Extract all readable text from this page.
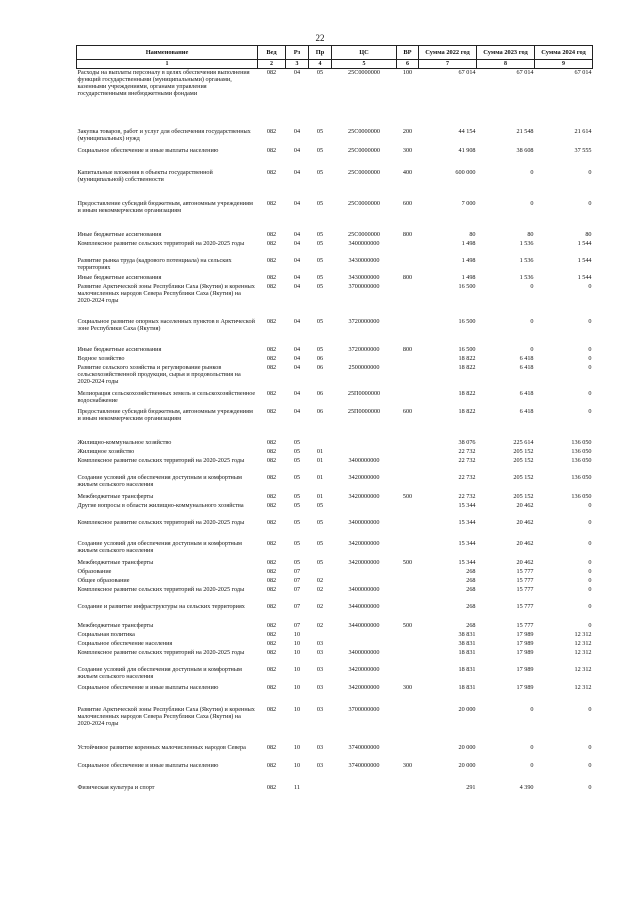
22
Наименование	Вед	Рз	Пр	ЦС	ВР	Сумма 2022 год	Сумма 2023 год	Сумма 2024 год
1	2	3	4	5	6	7	8	9
Расходы на выплаты персоналу в целях обеспечения выполнения функций государственными (муниципальными) органами, казенными учреждениями, органами управления государственными внебюджетными фондами	082	04	05	25С0000000	100	67 014	67 014	67 014
Закупка товаров, работ и услуг для обеспечения государственных (муниципальных) нужд	082	04	05	25С0000000	200	44 154	21 548	21 614
Социальное обеспечение и иные выплаты населению	082	04	05	25С0000000	300	41 908	38 608	37 555
Капитальные вложения в объекты государственной (муниципальной) собственности	082	04	05	25С0000000	400	600 000	0	0
Предоставление субсидий бюджетным, автономным учреждениям и иным некоммерческим организациям	082	04	05	25С0000000	600	7 000	0	0
Иные бюджетные ассигнования	082	04	05	25С0000000	800	80	80	80
Комплексное развитие сельских территорий на 2020-2025 годы	082	04	05	3400000000		1 498	1 536	1 544
Развитие рынка труда (кадрового потенциала) на сельских территориях	082	04	05	3430000000		1 498	1 536	1 544
Иные бюджетные ассигнования	082	04	05	3430000000	800	1 498	1 536	1 544
Развитие Арктической зоны Республики Саха (Якутия) и коренных малочисленных народов Севера Республики Саха (Якутия) на 2020-2024 годы	082	04	05	3700000000		16 500	0	0
Социальное развитие опорных населенных пунктов в Арктической зоне Республики Саха (Якутия)	082	04	05	3720000000		16 500	0	0
Иные бюджетные ассигнования	082	04	05	3720000000	800	16 500	0	0
Водное хозяйство	082	04	06			18 822	6 418	0
Развитие сельского хозяйства и регулирование рынков сельскохозяйственной продукции, сырья и продовольствия на 2020-2024 годы	082	04	06	2500000000		18 822	6 418	0
Мелиорация сельскохозяйственных земель и сельскохозяйственное водоснабжение	082	04	06	25П0000000		18 822	6 418	0
Предоставление субсидий бюджетным, автономным учреждениям и иным некоммерческим организациям	082	04	06	25П0000000	600	18 822	6 418	0
Жилищно-коммунальное хозяйство	082	05				38 076	225 614	136 050
Жилищное хозяйство	082	05	01			22 732	205 152	136 050
Комплексное развитие сельских территорий на 2020-2025 годы	082	05	01	3400000000		22 732	205 152	136 050
Создание условий для обеспечения доступным и комфортным жильем сельского населения	082	05	01	3420000000		22 732	205 152	136 050
Межбюджетные трансферты	082	05	01	3420000000	500	22 732	205 152	136 050
Другие вопросы в области жилищно-коммунального хозяйства	082	05	05			15 344	20 462	0
Комплексное развитие сельских территорий на 2020-2025 годы	082	05	05	3400000000		15 344	20 462	0
Создание условий для обеспечения доступным и комфортным жильем сельского населения	082	05	05	3420000000		15 344	20 462	0
Межбюджетные трансферты	082	05	05	3420000000	500	15 344	20 462	0
Образование	082	07				268	15 777	0
Общее образование	082	07	02			268	15 777	0
Комплексное развитие сельских территорий на 2020-2025 годы	082	07	02	3400000000		268	15 777	0
Создание и развитие инфраструктуры на сельских территориях	082	07	02	3440000000		268	15 777	0
Межбюджетные трансферты	082	07	02	3440000000	500	268	15 777	0
Социальная политика	082	10				38 831	17 989	12 312
Социальное обеспечение населения	082	10	03			38 831	17 989	12 312
Комплексное развитие сельских территорий на 2020-2025 годы	082	10	03	3400000000		18 831	17 989	12 312
Создание условий для обеспечения доступным и комфортным жильем сельского населения	082	10	03	3420000000		18 831	17 989	12 312
Социальное обеспечение и иные выплаты населению	082	10	03	3420000000	300	18 831	17 989	12 312
Развитие Арктической зоны Республики Саха (Якутия) и коренных малочисленных народов Севера Республики Саха (Якутия) на 2020-2024 годы	082	10	03	3700000000		20 000	0	0
Устойчивое развитие коренных малочисленных народов Севера	082	10	03	3740000000		20 000	0	0
Социальное обеспечение и иные выплаты населению	082	10	03	3740000000	300	20 000	0	0
Физическая культура и спорт	082	11				291	4 390	0
